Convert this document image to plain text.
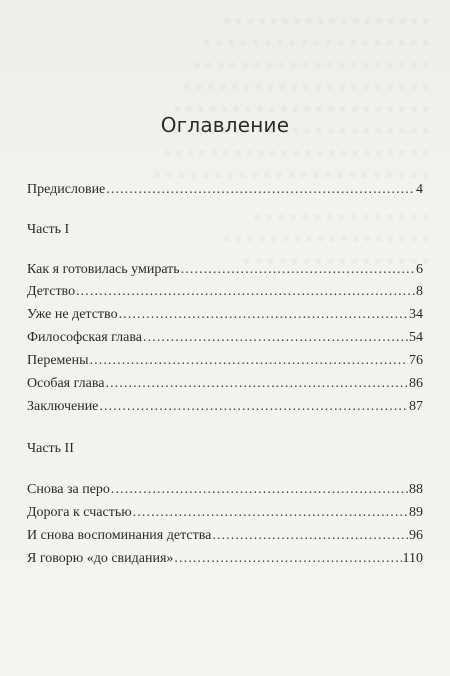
Оглавление
Предисловие . . .	4
Часть I
Как я готовилась умирать . . .	6
Детство . . .	8
Уже не детство . . .	34
Философская глава . . .	54
Перемены . . .	76
Особая глава . . .	86
Заключение . . .	87
Часть II
Снова за перо . . .	88
Дорога к счастью . . .	89
И снова воспоминания детства . . .	96
Я говорю «до свидания» . . .	110
